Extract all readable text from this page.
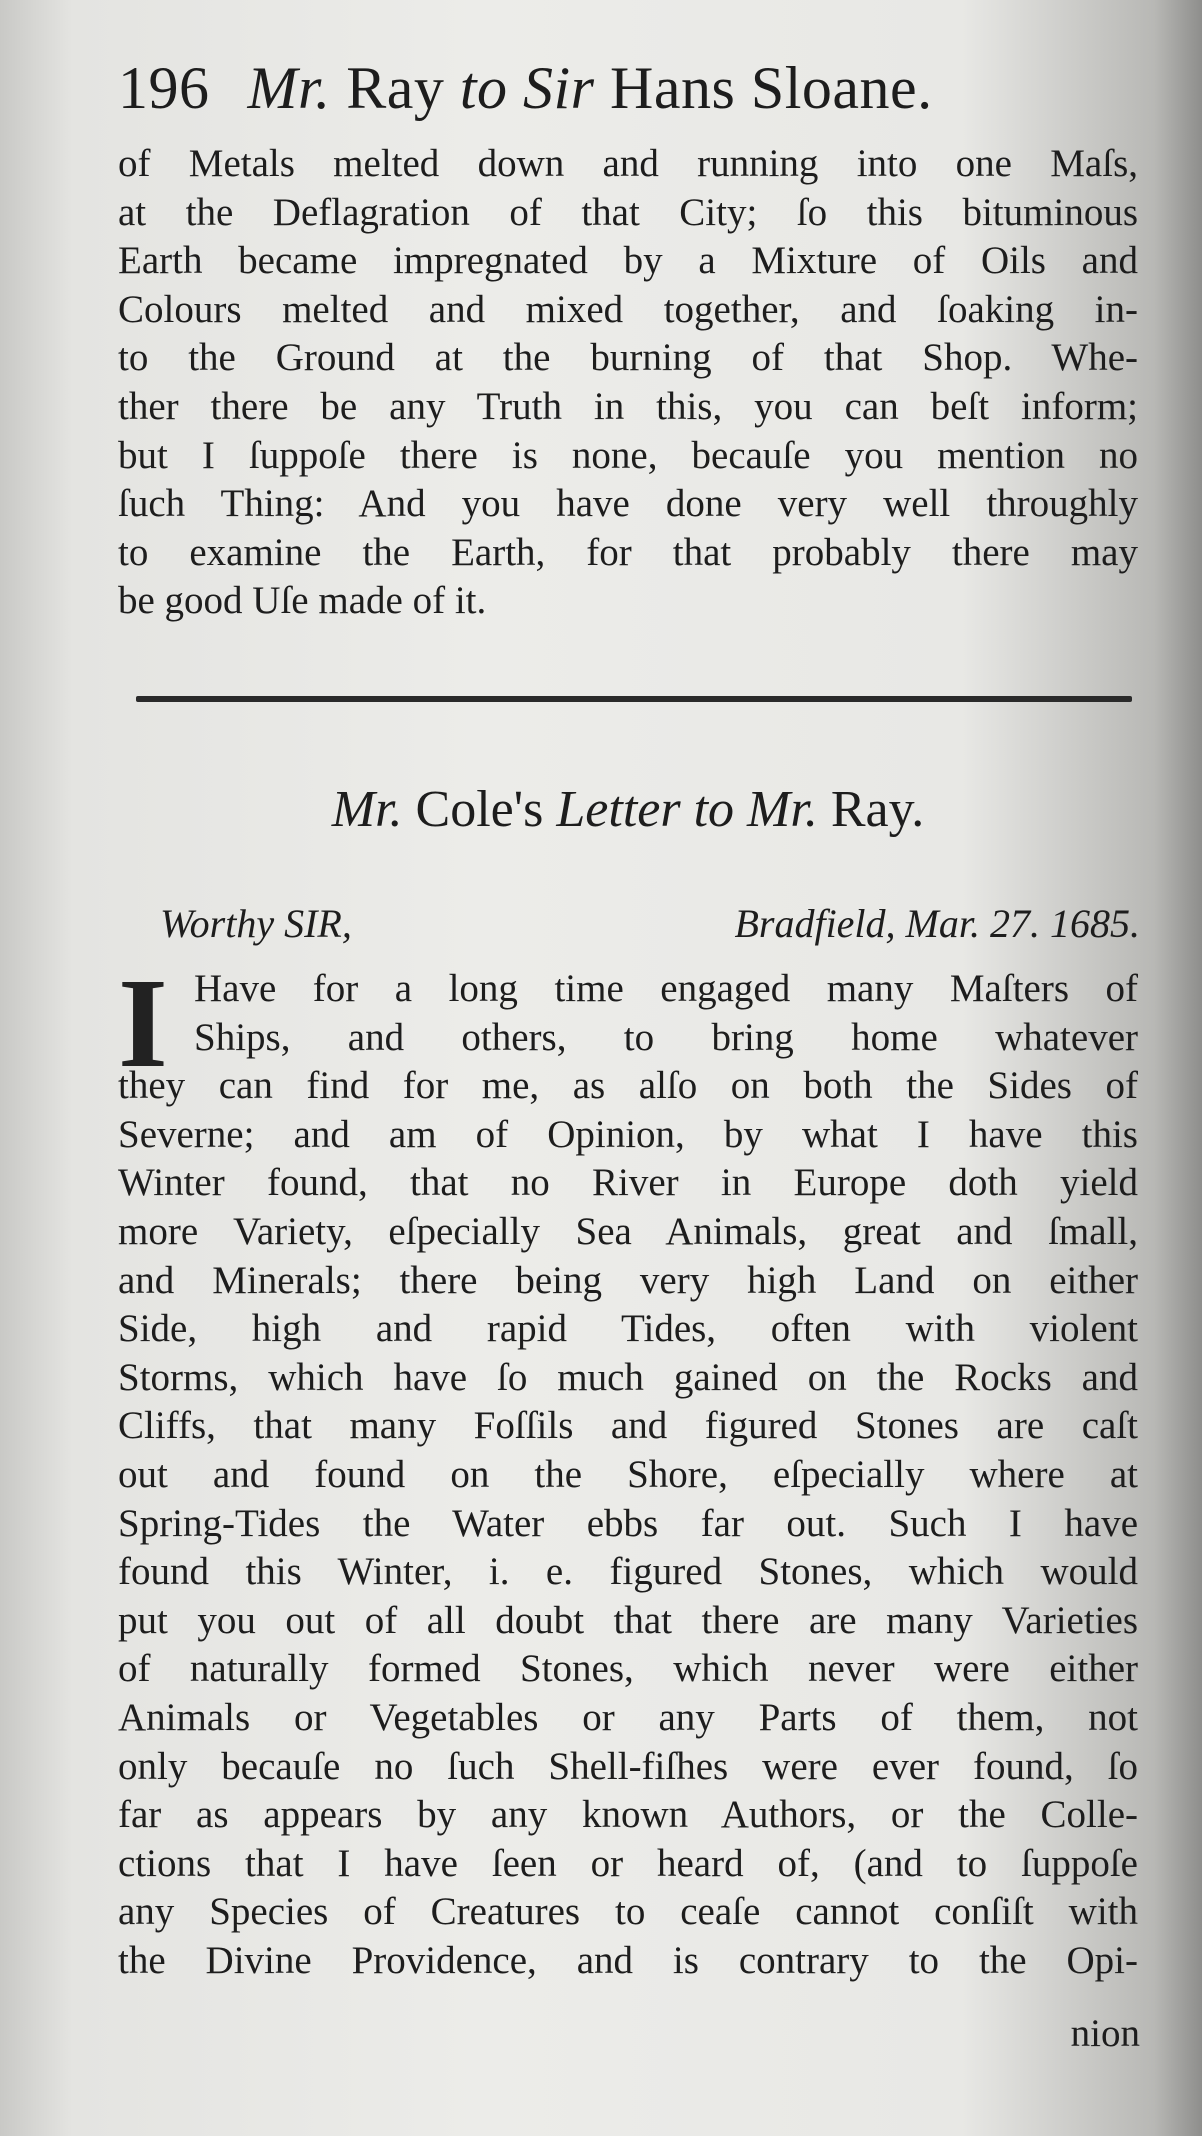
196 Mr. Ray to Sir Hans Sloane.
of Metals melted down and running into one Maſs,
at the Deflagration of that City; ſo this bituminous
Earth became impregnated by a Mixture of Oils and
Colours melted and mixed together, and ſoaking in-
to the Ground at the burning of that Shop. Whe-
ther there be any Truth in this, you can beſt inform;
but I ſuppoſe there is none, becauſe you mention no
ſuch Thing: And you have done very well throughly
to examine the Earth, for that probably there may
be good Uſe made of it.
Mr. Cole's Letter to Mr. Ray.
Worthy SIR,	Bradfield, Mar. 27. 1685.
I Have for a long time engaged many Maſters of
Ships, and others, to bring home whatever
they can find for me, as alſo on both the Sides of
Severne; and am of Opinion, by what I have this
Winter found, that no River in Europe doth yield
more Variety, eſpecially Sea Animals, great and ſmall,
and Minerals; there being very high Land on either
Side, high and rapid Tides, often with violent
Storms, which have ſo much gained on the Rocks and
Cliffs, that many Foſſils and figured Stones are caſt
out and found on the Shore, eſpecially where at
Spring-Tides the Water ebbs far out. Such I have
found this Winter, i. e. figured Stones, which would
put you out of all doubt that there are many Varieties
of naturally formed Stones, which never were either
Animals or Vegetables or any Parts of them, not
only becauſe no ſuch Shell-fiſhes were ever found, ſo
far as appears by any known Authors, or the Colle-
ctions that I have ſeen or heard of, (and to ſuppoſe
any Species of Creatures to ceaſe cannot conſiſt with
the Divine Providence, and is contrary to the Opi-
nion
